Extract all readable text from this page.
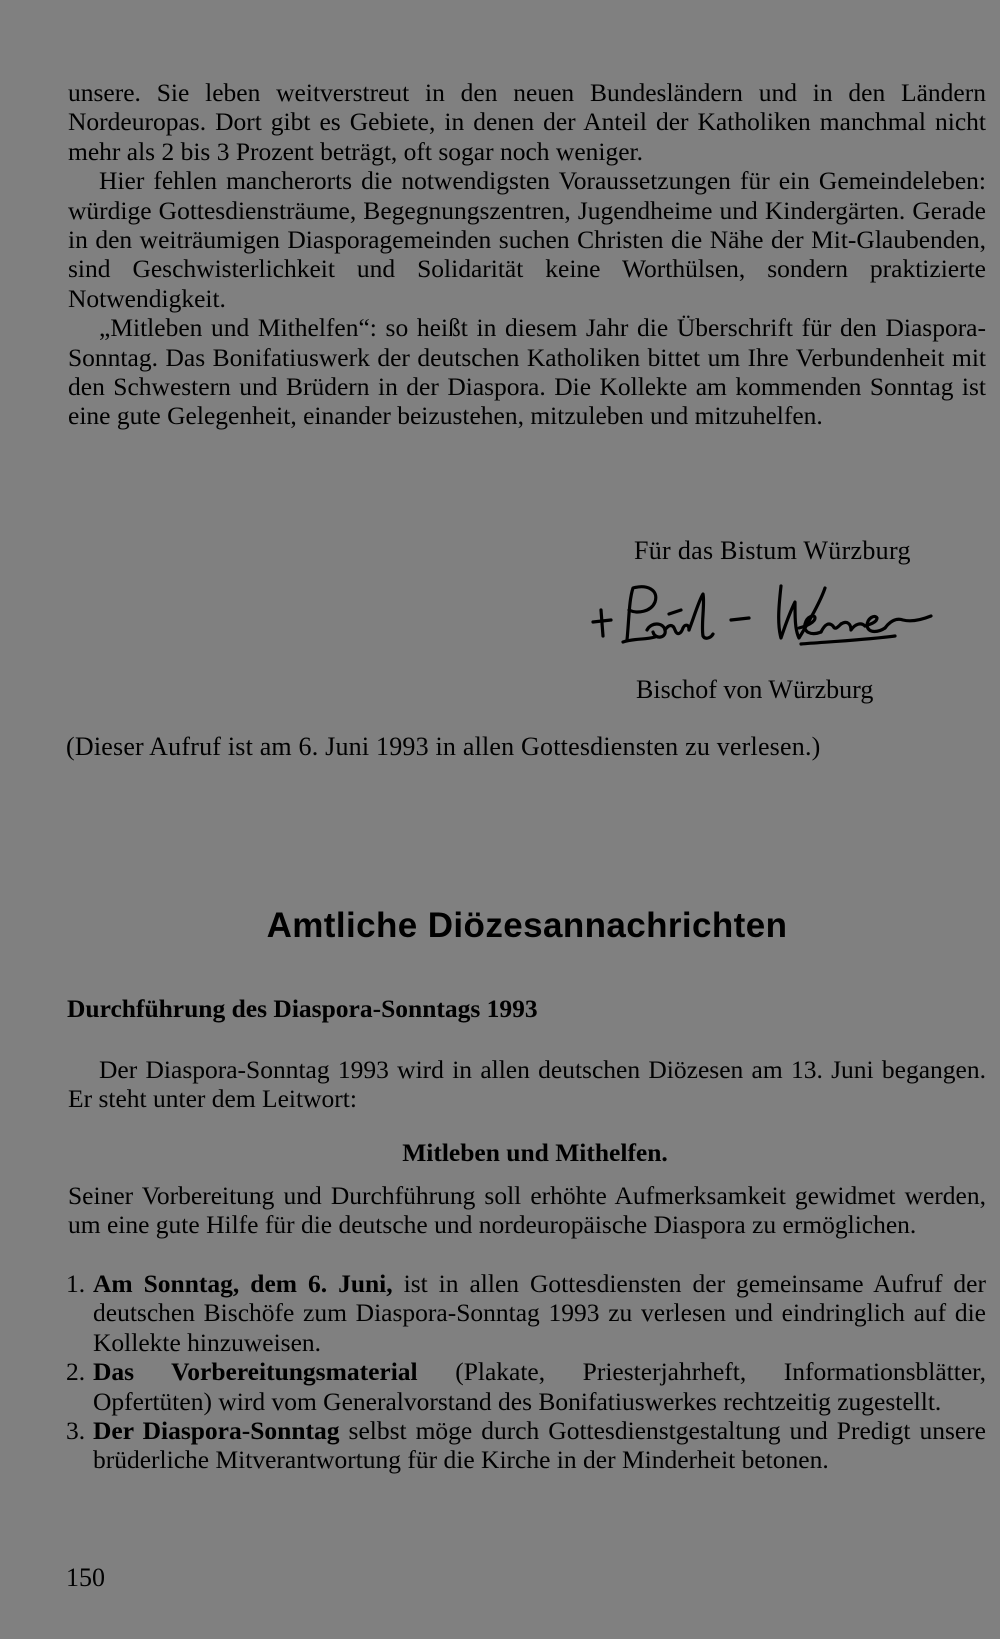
unsere. Sie leben weitverstreut in den neuen Bundesländern und in den Ländern Nordeuropas. Dort gibt es Gebiete, in denen der Anteil der Katholiken manchmal nicht mehr als 2 bis 3 Prozent beträgt, oft sogar noch weniger.

Hier fehlen mancherorts die notwendigsten Voraussetzungen für ein Gemeindeleben: würdige Gottesdiensträume, Begegnungszentren, Jugendheime und Kindergärten. Gerade in den weiträumigen Diasporagemeinden suchen Christen die Nähe der Mit-Glaubenden, sind Geschwisterlichkeit und Solidarität keine Worthülsen, sondern praktizierte Notwendigkeit.

„Mitleben und Mithelfen“: so heißt in diesem Jahr die Überschrift für den Diaspora-Sonntag. Das Bonifatiuswerk der deutschen Katholiken bittet um Ihre Verbundenheit mit den Schwestern und Brüdern in der Diaspora. Die Kollekte am kommenden Sonntag ist eine gute Gelegenheit, einander beizustehen, mitzuleben und mitzuhelfen.

Für das Bistum Würzburg

Bischof von Würzburg

(Dieser Aufruf ist am 6. Juni 1993 in allen Gottesdiensten zu verlesen.)

Amtliche Diözesannachrichten
Durchführung des Diaspora-Sonntags 1993

Der Diaspora-Sonntag 1993 wird in allen deutschen Diözesen am 13. Juni begangen. Er steht unter dem Leitwort:

Mitleben und Mithelfen.

Seiner Vorbereitung und Durchführung soll erhöhte Aufmerksamkeit gewidmet werden, um eine gute Hilfe für die deutsche und nordeuropäische Diaspora zu ermöglichen.

1. Am Sonntag, dem 6. Juni, ist in allen Gottesdiensten der gemeinsame Aufruf der deutschen Bischöfe zum Diaspora-Sonntag 1993 zu verlesen und eindringlich auf die Kollekte hinzuweisen.
2. Das Vorbereitungsmaterial (Plakate, Priesterjahrheft, Informationsblätter, Opfertüten) wird vom Generalvorstand des Bonifatiuswerkes rechtzeitig zugestellt.
3. Der Diaspora-Sonntag selbst möge durch Gottesdienstgestaltung und Predigt unsere brüderliche Mitverantwortung für die Kirche in der Minderheit betonen.

150
